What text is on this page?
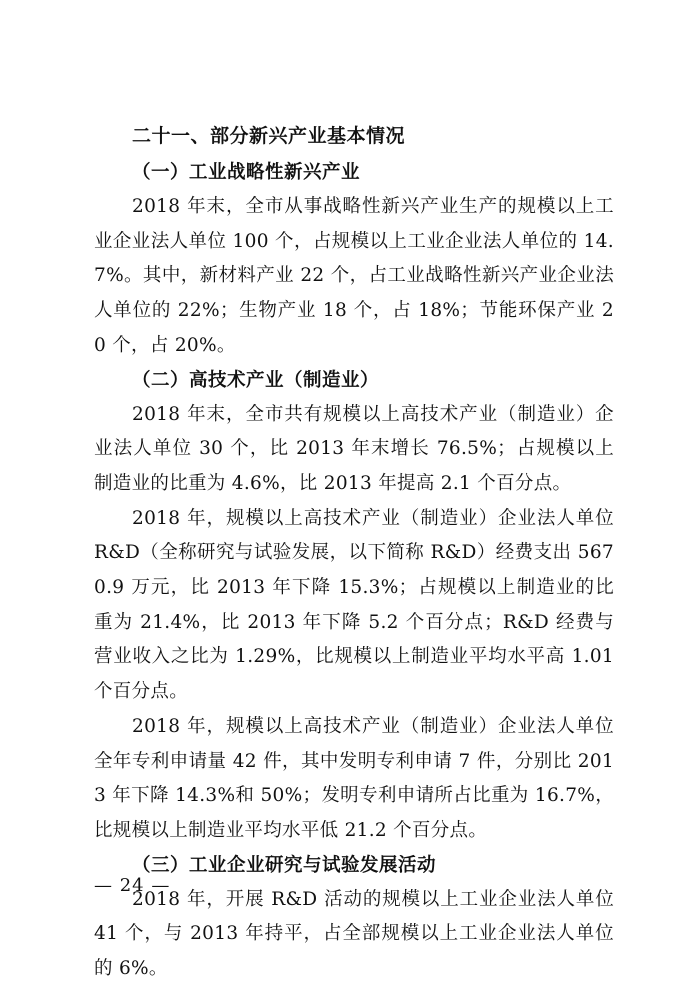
二十一、部分新兴产业基本情况
（一）工业战略性新兴产业

2018 年末，全市从事战略性新兴产业生产的规模以上工业企业法人单位 100 个，占规模以上工业企业法人单位的 14.7%。其中，新材料产业 22 个，占工业战略性新兴产业企业法人单位的 22%；生物产业 18 个，占 18%；节能环保产业 20 个，占 20%。

（二）高技术产业（制造业）

2018 年末，全市共有规模以上高技术产业（制造业）企业法人单位 30 个，比 2013 年末增长 76.5%；占规模以上制造业的比重为 4.6%，比 2013 年提高 2.1 个百分点。

2018 年，规模以上高技术产业（制造业）企业法人单位 R&D（全称研究与试验发展，以下简称 R&D）经费支出 5670.9 万元，比 2013 年下降 15.3%；占规模以上制造业的比重为 21.4%，比 2013 年下降 5.2 个百分点；R&D 经费与营业收入之比为 1.29%，比规模以上制造业平均水平高 1.01 个百分点。

2018 年，规模以上高技术产业（制造业）企业法人单位全年专利申请量 42 件，其中发明专利申请 7 件，分别比 2013 年下降 14.3%和 50%；发明专利申请所占比重为 16.7%，比规模以上制造业平均水平低 21.2 个百分点。

（三）工业企业研究与试验发展活动

2018 年，开展 R&D 活动的规模以上工业企业法人单位 41 个，与 2013 年持平，占全部规模以上工业企业法人单位的 6%。

— 24 —
